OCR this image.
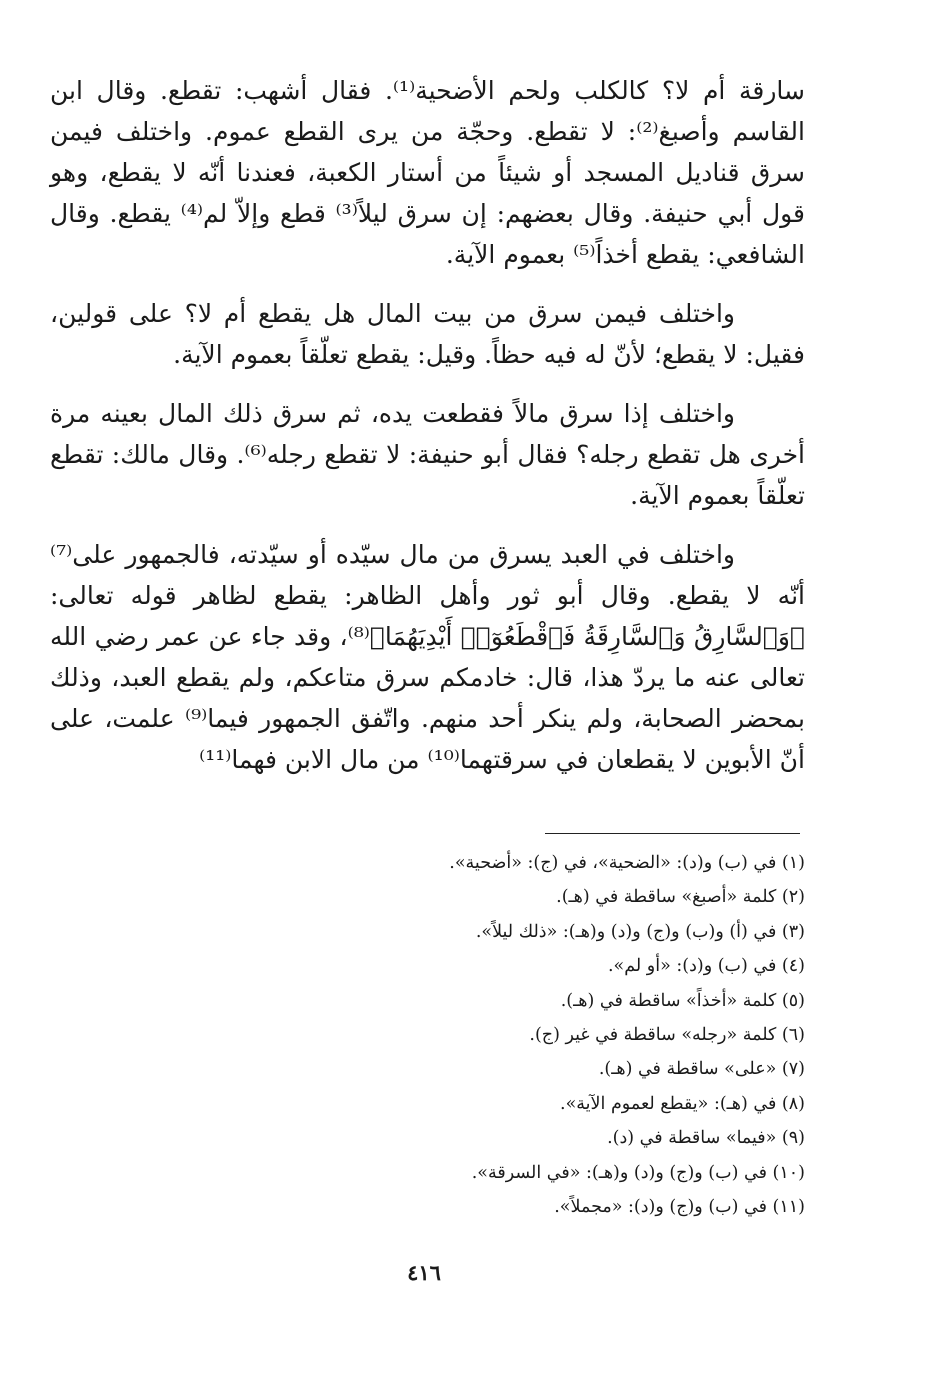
سارقة أم لا؟ كالكلب ولحم الأضحية⁽¹⁾. فقال أشهب: تقطع. وقال ابن القاسم وأصبغ⁽²⁾: لا تقطع. وحجّة من يرى القطع عموم. واختلف فيمن سرق قناديل المسجد أو شيئاً من أستار الكعبة، فعندنا أنّه لا يقطع، وهو قول أبي حنيفة. وقال بعضهم: إن سرق ليلاً⁽³⁾ قطع وإلاّ لم⁽⁴⁾ يقطع. وقال الشافعي: يقطع أخذاً⁽⁵⁾ بعموم الآية.

واختلف فيمن سرق من بيت المال هل يقطع أم لا؟ على قولين، فقيل: لا يقطع؛ لأنّ له فيه حظاً. وقيل: يقطع تعلّقاً بعموم الآية.

واختلف إذا سرق مالاً فقطعت يده، ثم سرق ذلك المال بعينه مرة أخرى هل تقطع رجله؟ فقال أبو حنيفة: لا تقطع رجله⁽⁶⁾. وقال مالك: تقطع تعلّقاً بعموم الآية.

واختلف في العبد يسرق من مال سيّده أو سيّدته، فالجمهور على⁽⁷⁾ أنّه لا يقطع. وقال أبو ثور وأهل الظاهر: يقطع لظاهر قوله تعالى: ﴿وَٱلسَّارِقُ وَٱلسَّارِقَةُ فَٱقْطَعُوٓا۟ أَيْدِيَهُمَا﴾⁽⁸⁾، وقد جاء عن عمر رضي الله تعالى عنه ما يردّ هذا، قال: خادمكم سرق متاعكم، ولم يقطع العبد، وذلك بمحضر الصحابة، ولم ينكر أحد منهم. واتّفق الجمهور فيما⁽⁹⁾ علمت، على أنّ الأبوين لا يقطعان في سرقتهما⁽¹⁰⁾ من مال الابن فهما⁽¹¹⁾

(١) في (ب) و(د): «الضحية»، في (ج): «أضحية».
(٢) كلمة «أصبغ» ساقطة في (هـ).
(٣) في (أ) و(ب) و(ج) و(د) و(هـ): «ذلك ليلاً».
(٤) في (ب) و(د): «أو لم».
(٥) كلمة «أخذاً» ساقطة في (هـ).
(٦) كلمة «رجله» ساقطة في غير (ج).
(٧) «على» ساقطة في (هـ).
(٨) في (هـ): «يقطع لعموم الآية».
(٩) «فيما» ساقطة في (د).
(١٠) في (ب) و(ج) و(د) و(هـ): «في السرقة».
(١١) في (ب) و(ج) و(د): «مجملاً».
٤١٦
